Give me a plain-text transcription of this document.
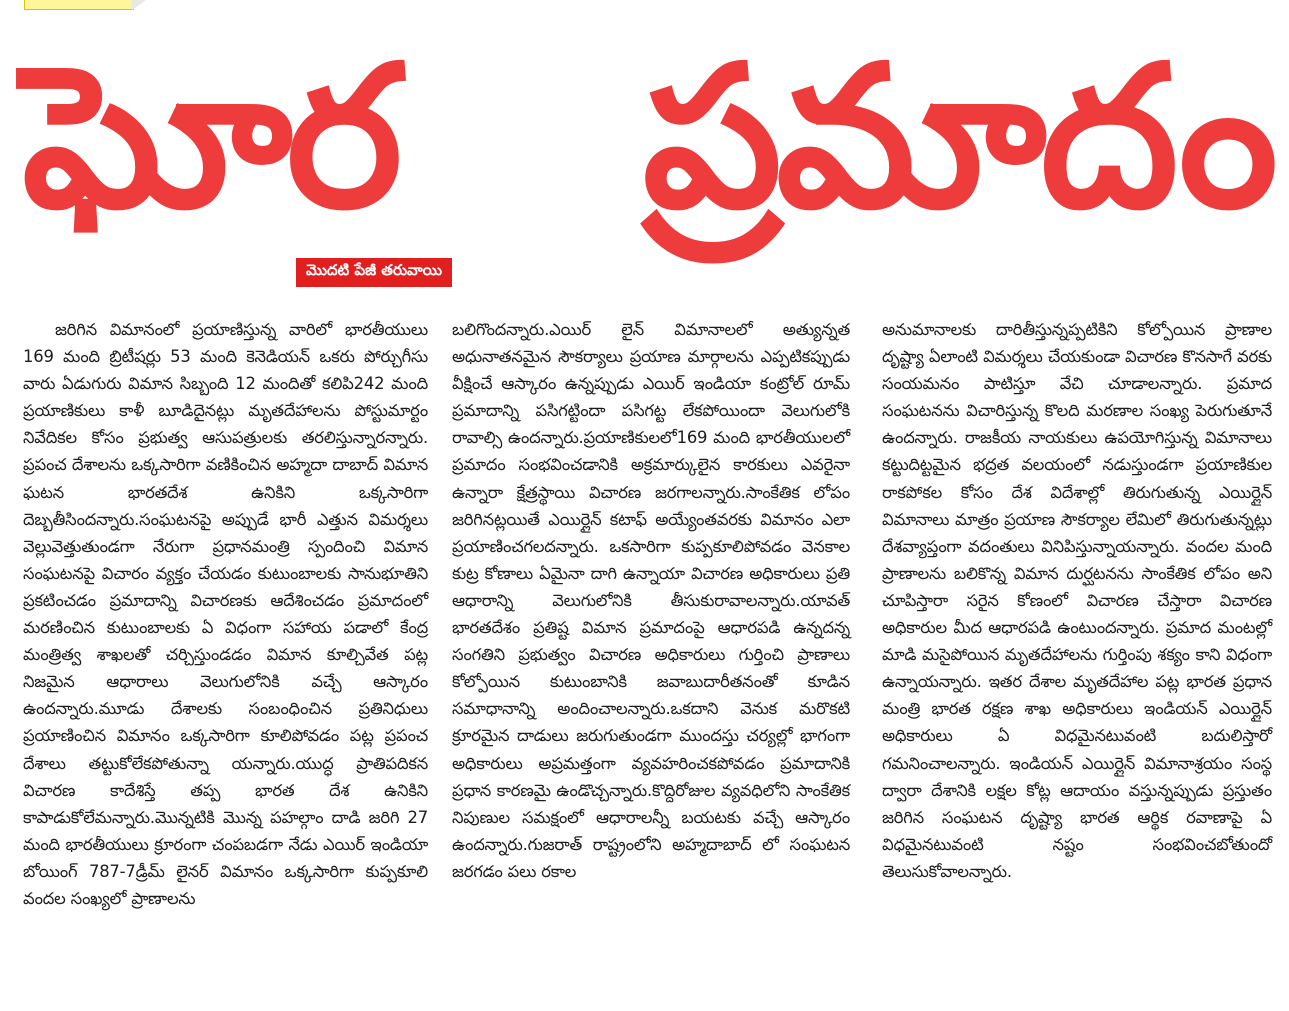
ఘోర ప్రమాదం
మొదటి పేజీ తరువాయి

జరిగిన విమానంలో ప్రయాణిస్తున్న వారిలో భారతీయులు 169 మంది బ్రిటీషర్లు 53 మంది కెనెడియన్ ఒకరు పోర్చుగీసు వారు ఏడుగురు విమాన సిబ్బంది 12 మందితో కలిపి242 మంది ప్రయాణికులు కాళీ బూడిదైనట్లు మృతదేహాలను పోస్టుమార్టం నివేదికల కోసం ప్రభుత్వ ఆసుపత్రులకు తరలిస్తున్నారన్నారు. ప్రపంచ దేశాలను ఒక్కసారిగా వణికించిన అహ్మదా దాబాద్ విమాన ఘటన భారతదేశ ఉనికిని ఒక్కసారిగా దెబ్బతీసిందన్నారు.సంఘటనపై అప్పుడే భారీ ఎత్తున విమర్శలు వెల్లువెత్తుతుండగా నేరుగా ప్రధానమంత్రి స్పందించి విమాన సంఘటనపై విచారం వ్యక్తం చేయడం కుటుంబాలకు సానుభూతిని ప్రకటించడం ప్రమాదాన్ని విచారణకు ఆదేశించడం ప్రమాదంలో మరణించిన కుటుంబాలకు ఏ విధంగా సహాయ పడాలో కేంద్ర మంత్రిత్వ శాఖలతో చర్చిస్తుండడం విమాన కూల్చివేత పట్ల నిజమైన ఆధారాలు వెలుగులోనికి వచ్చే ఆస్కారం ఉందన్నారు.మూడు దేశాలకు సంబంధించిన ప్రతినిధులు ప్రయాణించిన విమానం ఒక్కసారిగా కూలిపోవడం పట్ల ప్రపంచ దేశాలు తట్టుకోలేకపోతున్నా యన్నారు.యుద్ధ ప్రాతిపదికన విచారణ కాదేశిస్తే తప్ప భారత దేశ ఉనికిని కాపాడుకోలేమన్నారు.మొన్నటికి మొన్న పహల్గాం దాడి జరిగి 27 మంది భారతీయులు క్రూరంగా చంపబడగా నేడు ఎయిర్ ఇండియా బోయింగ్ 787-7డ్రీమ్ లైనర్ విమానం ఒక్కసారిగా కుప్పకూలి వందల సంఖ్యలో ప్రాణాలను

బలిగొందన్నారు.ఎయిర్ లైన్ విమానాలలో అత్యున్నత అధునాతనమైన సౌకర్యాలు ప్రయాణ మార్గాలను ఎప్పటికప్పుడు వీక్షించే ఆస్కారం ఉన్నప్పుడు ఎయిర్ ఇండియా కంట్రోల్ రూమ్ ప్రమాదాన్ని పసిగట్టిందా పసిగట్ట లేకపోయిందా వెలుగులోకి రావాల్సి ఉందన్నారు.ప్రయాణికులలో169 మంది భారతీయులలో ప్రమాదం సంభవించడానికి అక్రమార్కులైన కారకులు ఎవరైనా ఉన్నారా క్షేత్రస్థాయి విచారణ జరగాలన్నారు.సాంకేతిక లోపం జరిగినట్లయితే ఎయిర్లైన్ కటాఫ్ అయ్యేంతవరకు విమానం ఎలా ప్రయాణించగలదన్నారు. ఒకసారిగా కుప్పకూలిపోవడం వెనకాల కుట్ర కోణాలు ఏమైనా దాగి ఉన్నాయా విచారణ అధికారులు ప్రతి ఆధారాన్ని వెలుగులోనికి తీసుకురావాలన్నారు.యావత్ భారతదేశం ప్రతిష్ట విమాన ప్రమాదంపై ఆధారపడి ఉన్నదన్న సంగతిని ప్రభుత్వం విచారణ అధికారులు గుర్తించి ప్రాణాలు కోల్పోయిన కుటుంబానికి జవాబుదారీతనంతో కూడిన సమాధానాన్ని అందించాలన్నారు.ఒకదాని వెనుక మరొకటి క్రూరమైన దాడులు జరుగుతుండగా ముందస్తు చర్యల్లో భాగంగా అధికారులు అప్రమత్తంగా వ్యవహరించకపోవడం ప్రమాదానికి ప్రధాన కారణమై ఉండొచ్చన్నారు.కొద్దిరోజుల వ్యవధిలోని సాంకేతిక నిపుణుల సమక్షంలో ఆధారాలన్నీ బయటకు వచ్చే ఆస్కారం ఉందన్నారు.గుజరాత్ రాష్ట్రంలోని అహ్మదాబాద్ లో సంఘటన జరగడం పలు రకాల

అనుమానాలకు దారితీస్తున్నప్పటికిని కోల్పోయిన ప్రాణాల దృష్ట్యా ఏలాంటి విమర్శలు చేయకుండా విచారణ కొనసాగే వరకు సంయమనం పాటిస్తూ వేచి చూడాలన్నారు. ప్రమాద సంఘటనను విచారిస్తున్న కొలది మరణాల సంఖ్య పెరుగుతూనే ఉందన్నారు. రాజకీయ నాయకులు ఉపయోగిస్తున్న విమానాలు కట్టుదిట్టమైన భద్రత వలయంలో నడుస్తుండగా ప్రయాణికుల రాకపోకల కోసం దేశ విదేశాల్లో తిరుగుతున్న ఎయిర్లైన్ విమానాలు మాత్రం ప్రయాణ సౌకర్యాల లేమిలో తిరుగుతున్నట్లు దేశవ్యాప్తంగా వదంతులు వినిపిస్తున్నాయన్నారు. వందల మంది ప్రాణాలను బలికొన్న విమాన దుర్ఘటనను సాంకేతిక లోపం అని చూపిస్తారా సరైన కోణంలో విచారణ చేస్తారా విచారణ అధికారుల మీద ఆధారపడి ఉంటుందన్నారు. ప్రమాద మంటల్లో మాడి మసైపోయిన మృతదేహాలను గుర్తింపు శక్యం కాని విధంగా ఉన్నాయన్నారు. ఇతర దేశాల మృతదేహాల పట్ల భారత ప్రధాన మంత్రి భారత రక్షణ శాఖ అధికారులు ఇండియన్ ఎయిర్లైన్ అధికారులు ఏ విధమైనటువంటి బదులిస్తారో గమనించాలన్నారు. ఇండియన్ ఎయిర్లైన్ విమానాశ్రయం సంస్థ ద్వారా దేశానికి లక్షల కోట్ల ఆదాయం వస్తున్నప్పుడు ప్రస్తుతం జరిగిన సంఘటన దృష్ట్యా భారత ఆర్థిక రవాణాపై ఏ విధమైనటువంటి నష్టం సంభవించబోతుందో తెలుసుకోవాలన్నారు.
